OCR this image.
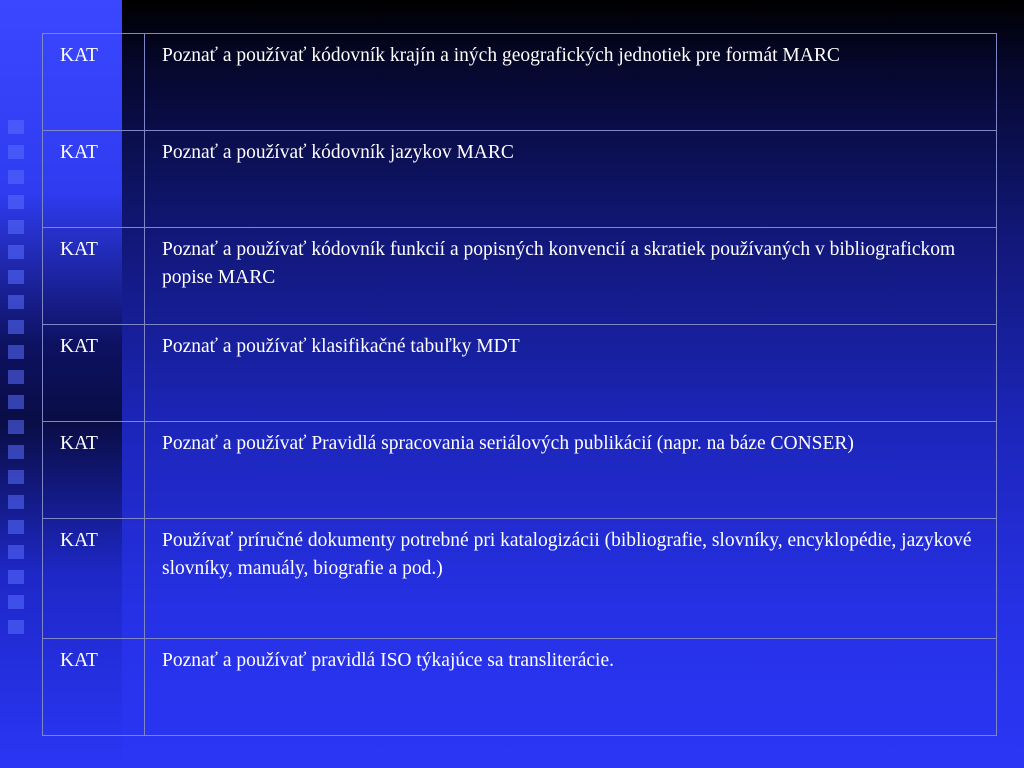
KAT	Poznať a používať kódovník krajín a iných geografických jednotiek pre formát MARC
KAT	Poznať a používať kódovník jazykov MARC
KAT	Poznať a používať kódovník funkcií a popisných konvencií a skratiek používaných v bibliografickom popise MARC
KAT	Poznať a používať klasifikačné tabuľky MDT
KAT	Poznať a používať Pravidlá spracovania seriálových publikácií (napr. na báze CONSER)
KAT	Používať príručné dokumenty potrebné pri katalogizácii (bibliografie, slovníky, encyklopédie, jazykové slovníky, manuály, biografie a pod.)
KAT	Poznať a používať pravidlá ISO týkajúce sa transliterácie.
